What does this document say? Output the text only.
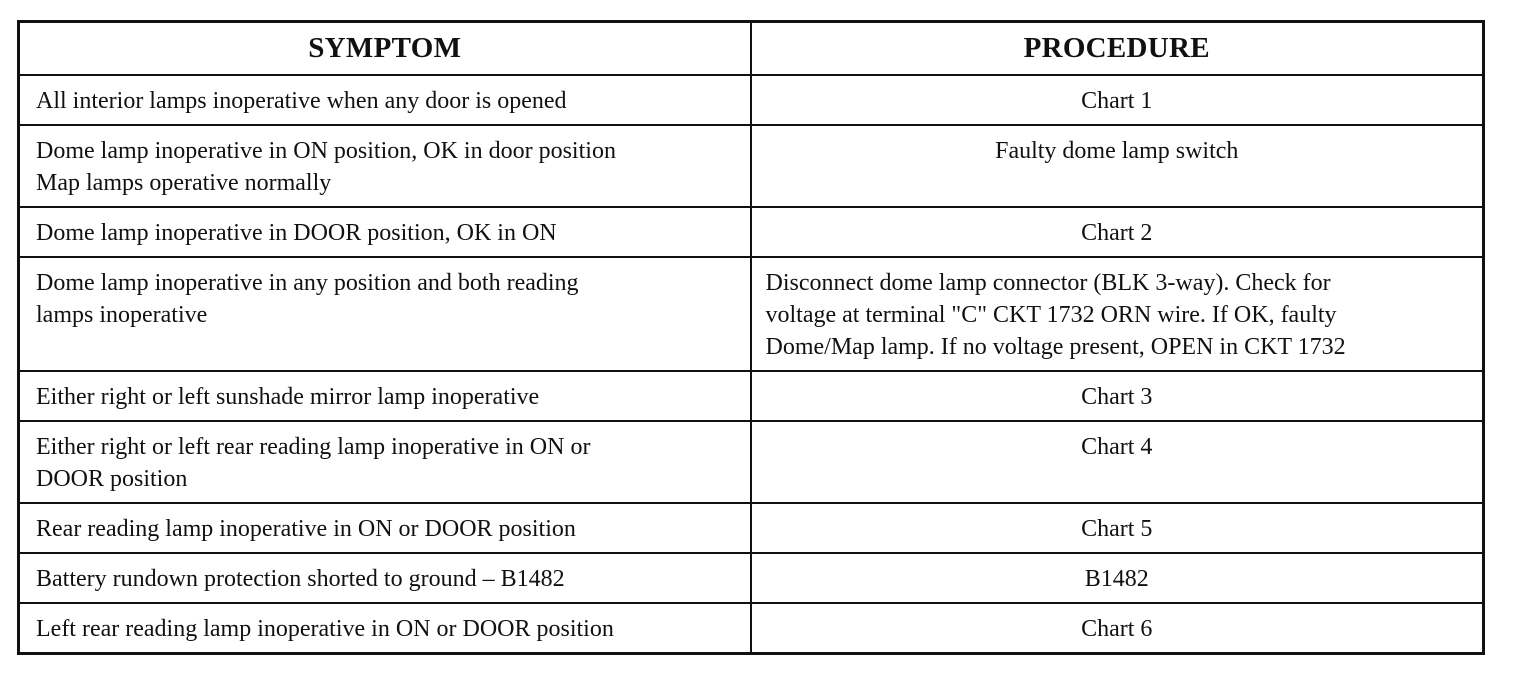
SYMPTOM	PROCEDURE

All interior lamps inoperative when any door is opened	Chart 1

Dome lamp inoperative in ON position, OK in door position
Map lamps operative normally	Faulty dome lamp switch

Dome lamp inoperative in DOOR position, OK in ON	Chart 2

Dome lamp inoperative in any position and both reading
lamps inoperative	Disconnect dome lamp connector (BLK 3-way). Check for
voltage at terminal "C" CKT 1732 ORN wire. If OK, faulty
Dome/Map lamp. If no voltage present, OPEN in CKT 1732

Either right or left sunshade mirror lamp inoperative	Chart 3

Either right or left rear reading lamp inoperative in ON or
DOOR position	Chart 4

Rear reading lamp inoperative in ON or DOOR position	Chart 5

Battery rundown protection shorted to ground – B1482	B1482

Left rear reading lamp inoperative in ON or DOOR position	Chart 6
